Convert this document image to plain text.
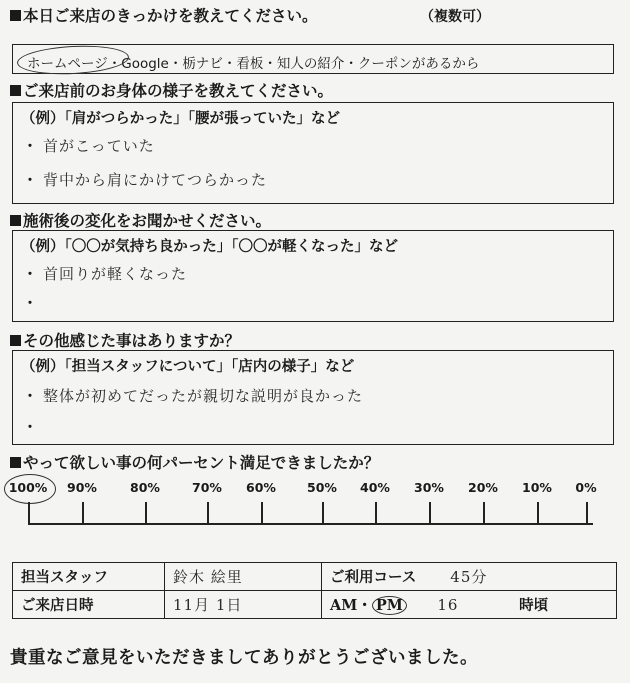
本日ご来店のきっかけを教えてください。	（複数可）
ホームページ・Google・栃ナビ・看板・知人の紹介・クーポンがあるから
ご来店前のお身体の様子を教えてください。
（例）「肩がつらかった」「腰が張っていた」など
・ 首がこっていた
・ 背中から肩にかけてつらかった
施術後の変化をお聞かせください。
（例）「〇〇が気持ち良かった」「〇〇が軽くなった」など
・ 首回りが軽くなった
・
その他感じた事はありますか？
（例）「担当スタッフについて」「店内の様子」など
・ 整体が初めてだったが親切な説明が良かった
・
やって欲しい事の何パーセント満足できましたか？
100% 90%	80%	70% 60% 50% 40% 30% 20% 10% 0%
担当スタッフ	鈴木 絵里	ご利用コース 45分
ご来店日時	11月 1日	AM・ PM 16 時頃
貴重なご意見をいただきましてありがとうございました。
